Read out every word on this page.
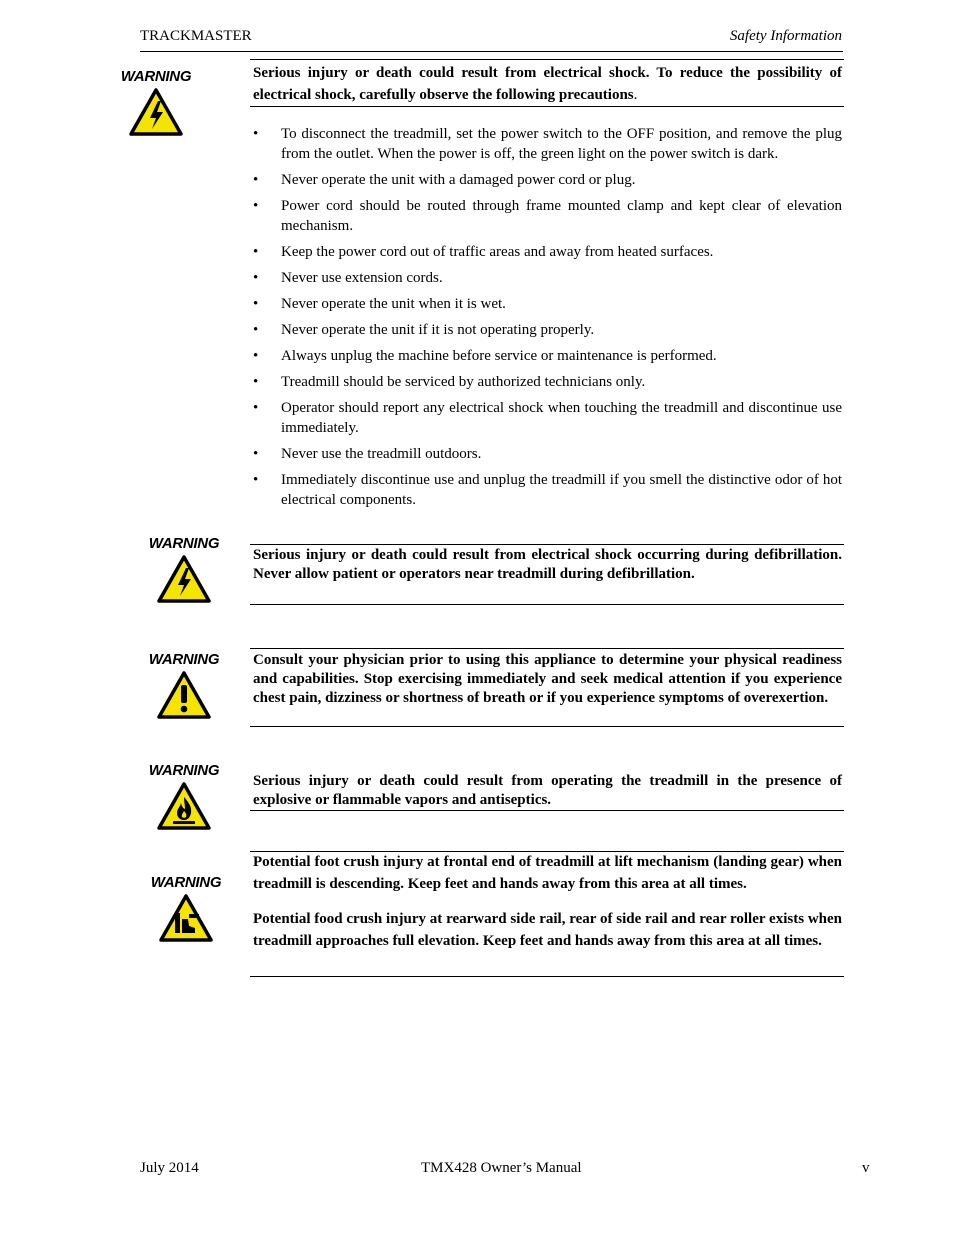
TRACKMASTER	Safety Information
WARNING	Serious injury or death could result from electrical shock. To reduce the possibility of electrical shock, carefully observe the following precautions.
• To disconnect the treadmill, set the power switch to the OFF position, and remove the plug from the outlet. When the power is off, the green light on the power switch is dark.
• Never operate the unit with a damaged power cord or plug.
• Power cord should be routed through frame mounted clamp and kept clear of elevation mechanism.
• Keep the power cord out of traffic areas and away from heated surfaces.
• Never use extension cords.
• Never operate the unit when it is wet.
• Never operate the unit if it is not operating properly.
• Always unplug the machine before service or maintenance is performed.
• Treadmill should be serviced by authorized technicians only.
• Operator should report any electrical shock when touching the treadmill and discontinue use immediately.
• Never use the treadmill outdoors.
• Immediately discontinue use and unplug the treadmill if you smell the distinctive odor of hot electrical components.
WARNING
Serious injury or death could result from electrical shock occurring during defibrillation. Never allow patient or operators near treadmill during defibrillation.
WARNING	Consult your physician prior to using this appliance to determine your physical readiness and capabilities. Stop exercising immediately and seek medical attention if you experience chest pain, dizziness or shortness of breath or if you experience symptoms of overexertion.
WARNING
Serious injury or death could result from operating the treadmill in the presence of explosive or flammable vapors and antiseptics.
WARNING
Potential foot crush injury at frontal end of treadmill at lift mechanism (landing gear) when treadmill is descending. Keep feet and hands away from this area at all times.
Potential food crush injury at rearward side rail, rear of side rail and rear roller exists when treadmill approaches full elevation. Keep feet and hands away from this area at all times.
July 2014	TMX428 Owner’s Manual	v
